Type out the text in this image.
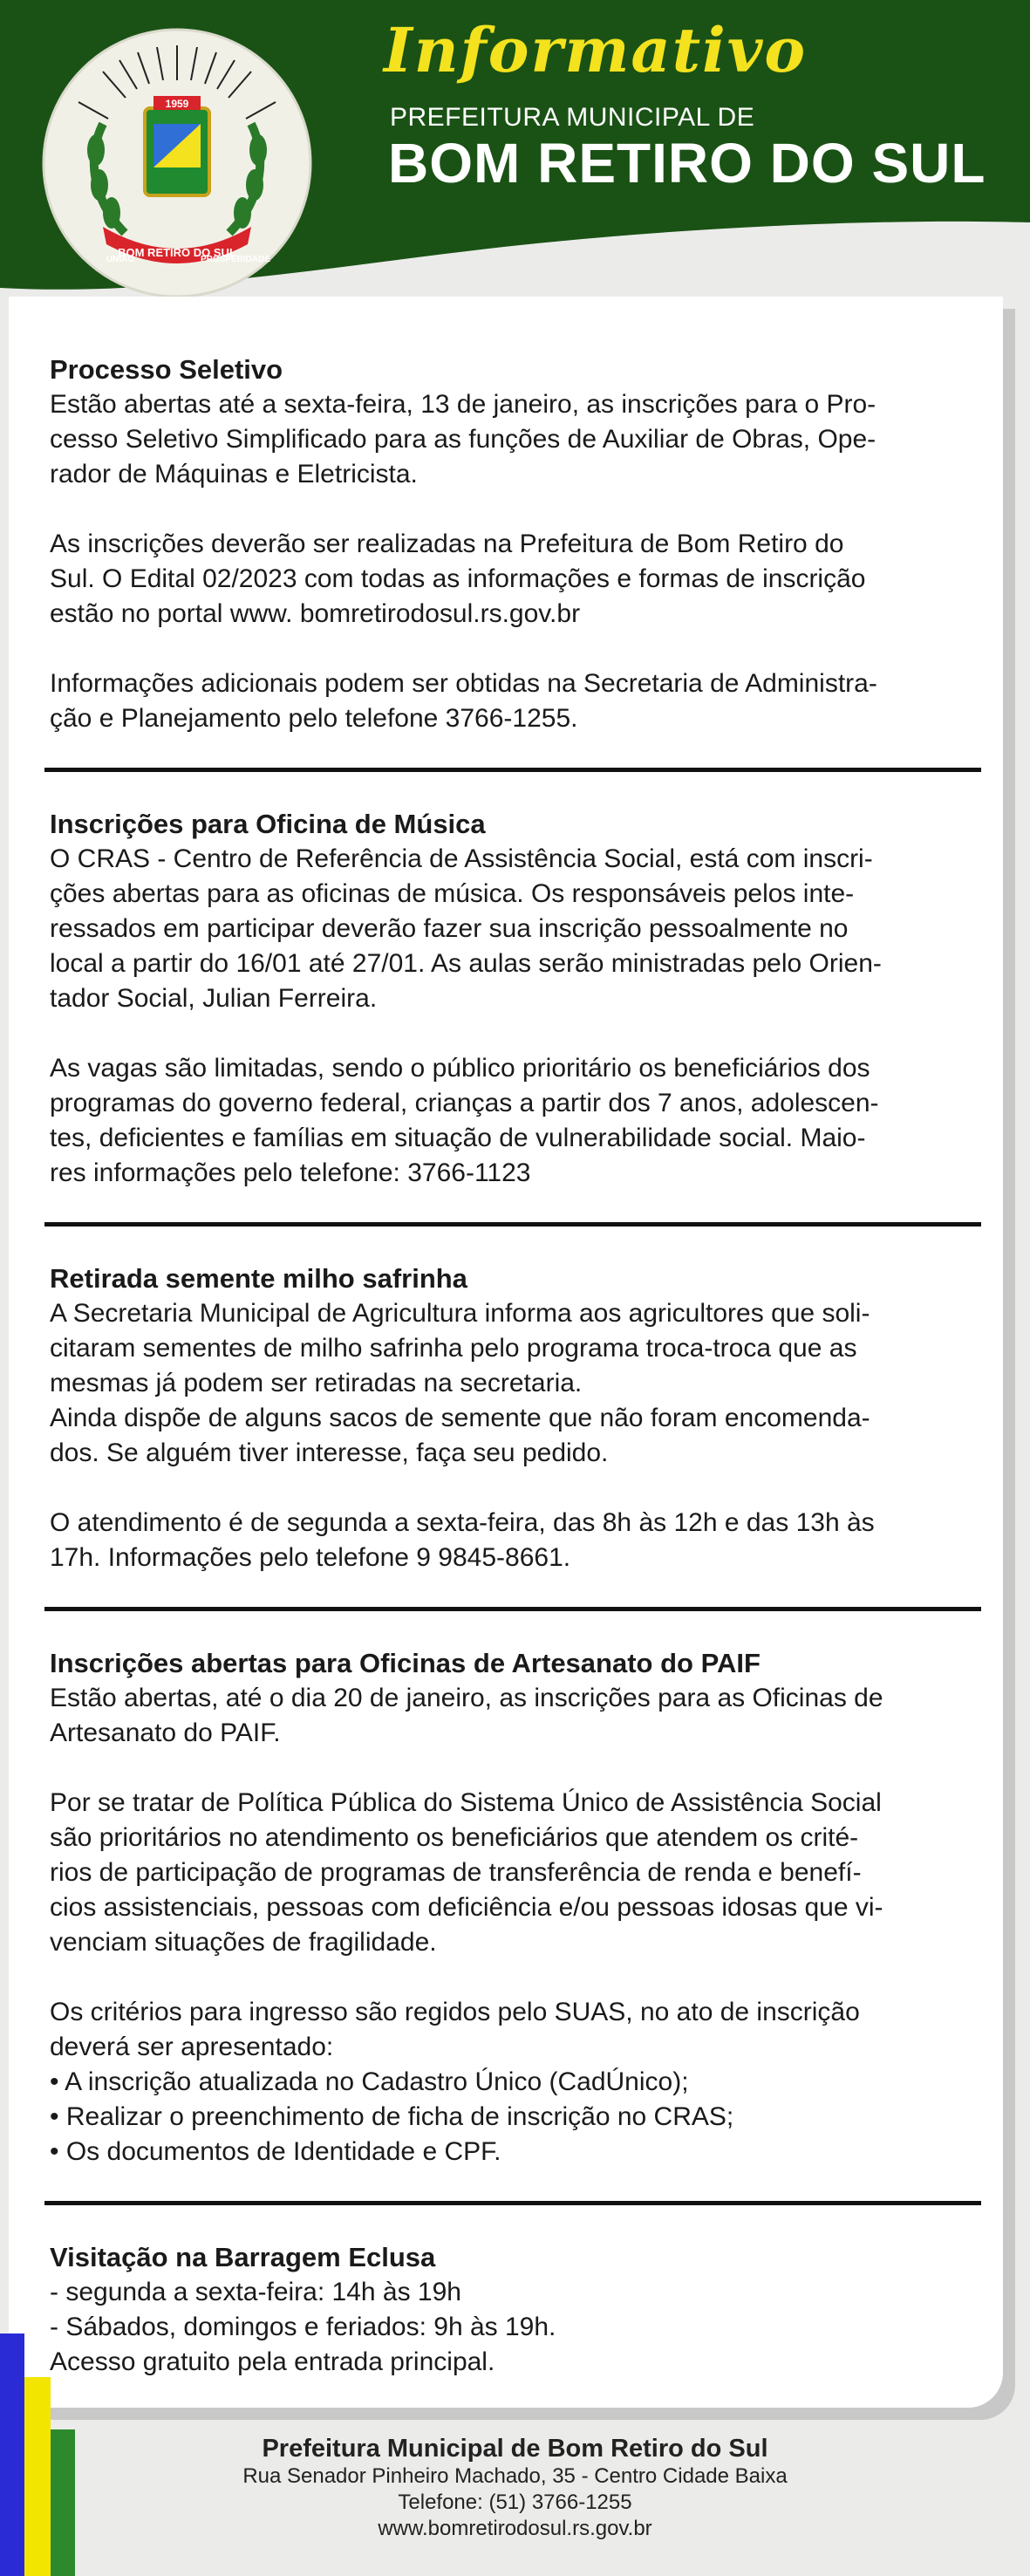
1959
BOM RETIRO DO SUL
UNIÃO	PROSPERIDADE
Informativo
PREFEITURA MUNICIPAL DE
BOM RETIRO DO SUL
Processo Seletivo

Estão abertas até a sexta-feira, 13 de janeiro, as inscrições para o Pro-
cesso Seletivo Simplificado para as funções de Auxiliar de Obras, Ope-
rador de Máquinas e Eletricista.

As inscrições deverão ser realizadas na Prefeitura de Bom Retiro do
Sul. O Edital 02/2023 com todas as informações e formas de inscrição
estão no portal www. bomretirodosul.rs.gov.br

Informações adicionais podem ser obtidas na Secretaria de Administra-
ção e Planejamento pelo telefone 3766-1255.

Inscrições para Oficina de Música

O CRAS - Centro de Referência de Assistência Social, está com inscri-
ções abertas para as oficinas de música. Os responsáveis pelos inte-
ressados em participar deverão fazer sua inscrição pessoalmente no
local a partir do 16/01 até 27/01. As aulas serão ministradas pelo Orien-
tador Social, Julian Ferreira.

As vagas são limitadas, sendo o público prioritário os beneficiários dos
programas do governo federal, crianças a partir dos 7 anos, adolescen-
tes, deficientes e famílias em situação de vulnerabilidade social. Maio-
res informações pelo telefone: 3766-1123

Retirada semente milho safrinha

A Secretaria Municipal de Agricultura informa aos agricultores que soli-
citaram sementes de milho safrinha pelo programa troca-troca que as
mesmas já podem ser retiradas na secretaria.
Ainda dispõe de alguns sacos de semente que não foram encomenda-
dos. Se alguém tiver interesse, faça seu pedido.

O atendimento é de segunda a sexta-feira, das 8h às 12h e das 13h às
17h. Informações pelo telefone 9 9845-8661.

Inscrições abertas para Oficinas de Artesanato do PAIF

Estão abertas, até o dia 20 de janeiro, as inscrições para as Oficinas de
Artesanato do PAIF.

Por se tratar de Política Pública do Sistema Único de Assistência Social
são prioritários no atendimento os beneficiários que atendem os crité-
rios de participação de programas de transferência de renda e benefí-
cios assistenciais, pessoas com deficiência e/ou pessoas idosas que vi-
venciam situações de fragilidade.

Os critérios para ingresso são regidos pelo SUAS, no ato de inscrição
deverá ser apresentado:
• A inscrição atualizada no Cadastro Único (CadÚnico);
• Realizar o preenchimento de ficha de inscrição no CRAS;
• Os documentos de Identidade e CPF.

Visitação na Barragem Eclusa

- segunda a sexta-feira: 14h às 19h
- Sábados, domingos e feriados: 9h às 19h.
Acesso gratuito pela entrada principal.

Prefeitura Municipal de Bom Retiro do Sul
Rua Senador Pinheiro Machado, 35 - Centro Cidade Baixa
Telefone: (51) 3766-1255
www.bomretirodosul.rs.gov.br
